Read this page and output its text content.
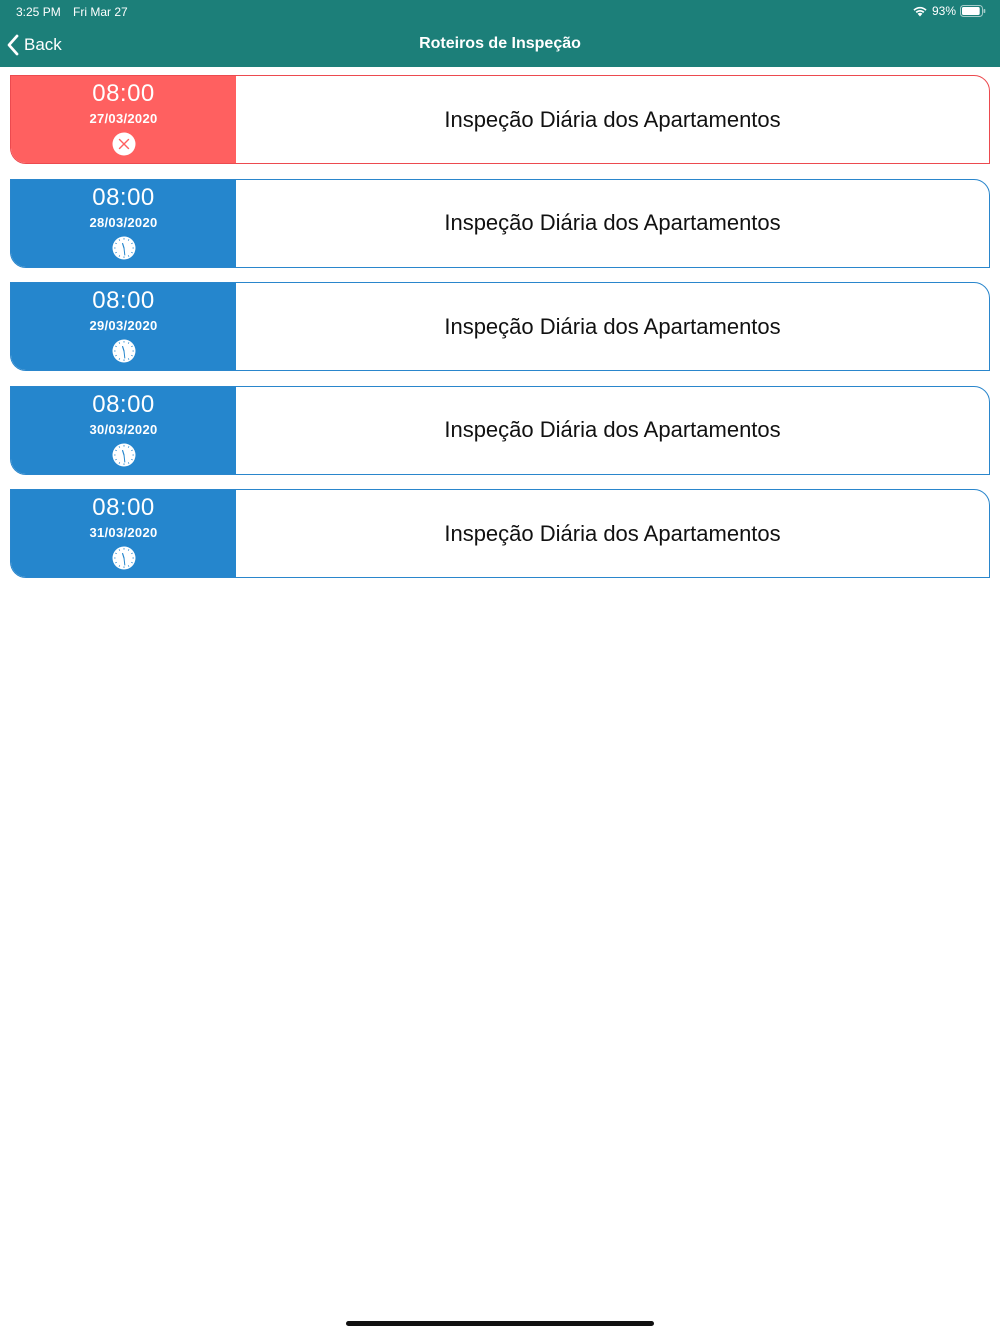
3:25 PM Fri Mar 27	93%
Back	Roteiros de Inspeção
08:00
27/03/2020	Inspeção Diária dos Apartamentos
08:00
28/03/2020	Inspeção Diária dos Apartamentos
08:00
29/03/2020	Inspeção Diária dos Apartamentos
08:00
30/03/2020	Inspeção Diária dos Apartamentos
08:00
31/03/2020	Inspeção Diária dos Apartamentos
